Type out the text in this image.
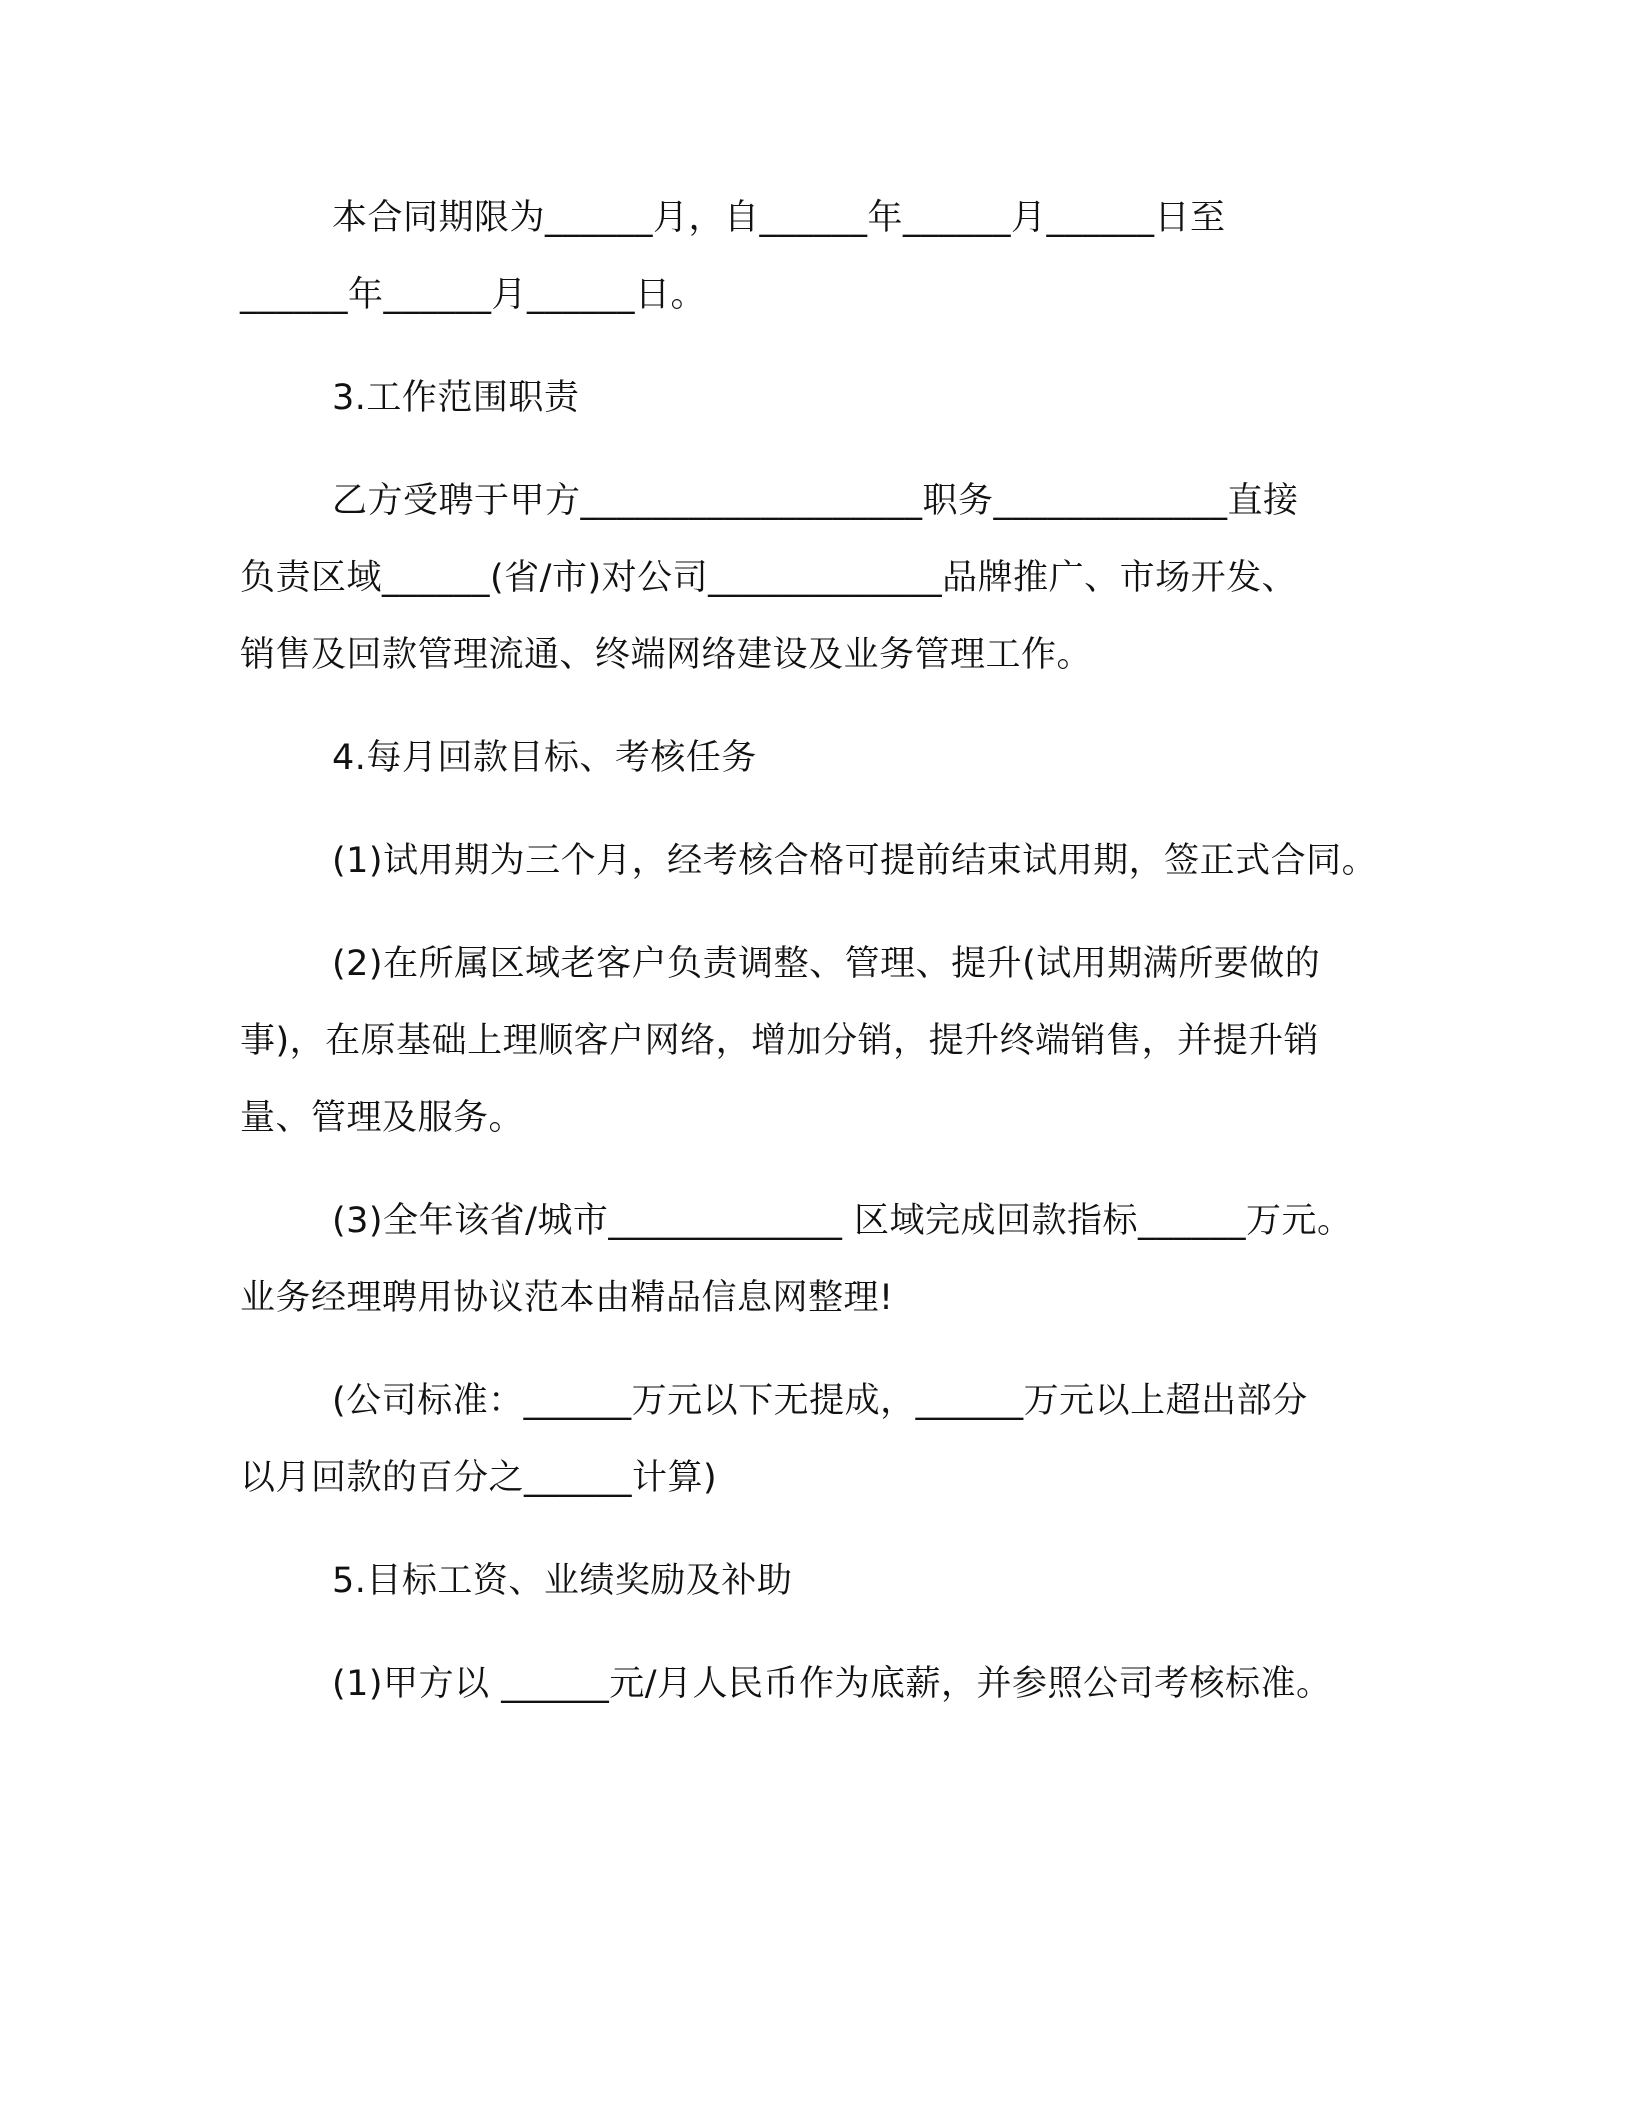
本合同期限为______月，自______年______月______日至
______年______月______日。
3.工作范围职责
乙方受聘于甲方___________________职务_____________直接
负责区域______(省/市)对公司_____________品牌推广、市场开发、
销售及回款管理流通、终端网络建设及业务管理工作。
4.每月回款目标、考核任务
(1)试用期为三个月，经考核合格可提前结束试用期，签正式合同。
(2)在所属区域老客户负责调整、管理、提升(试用期满所要做的
事)，在原基础上理顺客户网络，增加分销，提升终端销售，并提升销
量、管理及服务。
(3)全年该省/城市_____________ 区域完成回款指标______万元。
业务经理聘用协议范本由精品信息网整理!
(公司标准：______万元以下无提成，______万元以上超出部分
以月回款的百分之______计算)
5.目标工资、业绩奖励及补助
(1)甲方以 ______元/月人民币作为底薪，并参照公司考核标准。
